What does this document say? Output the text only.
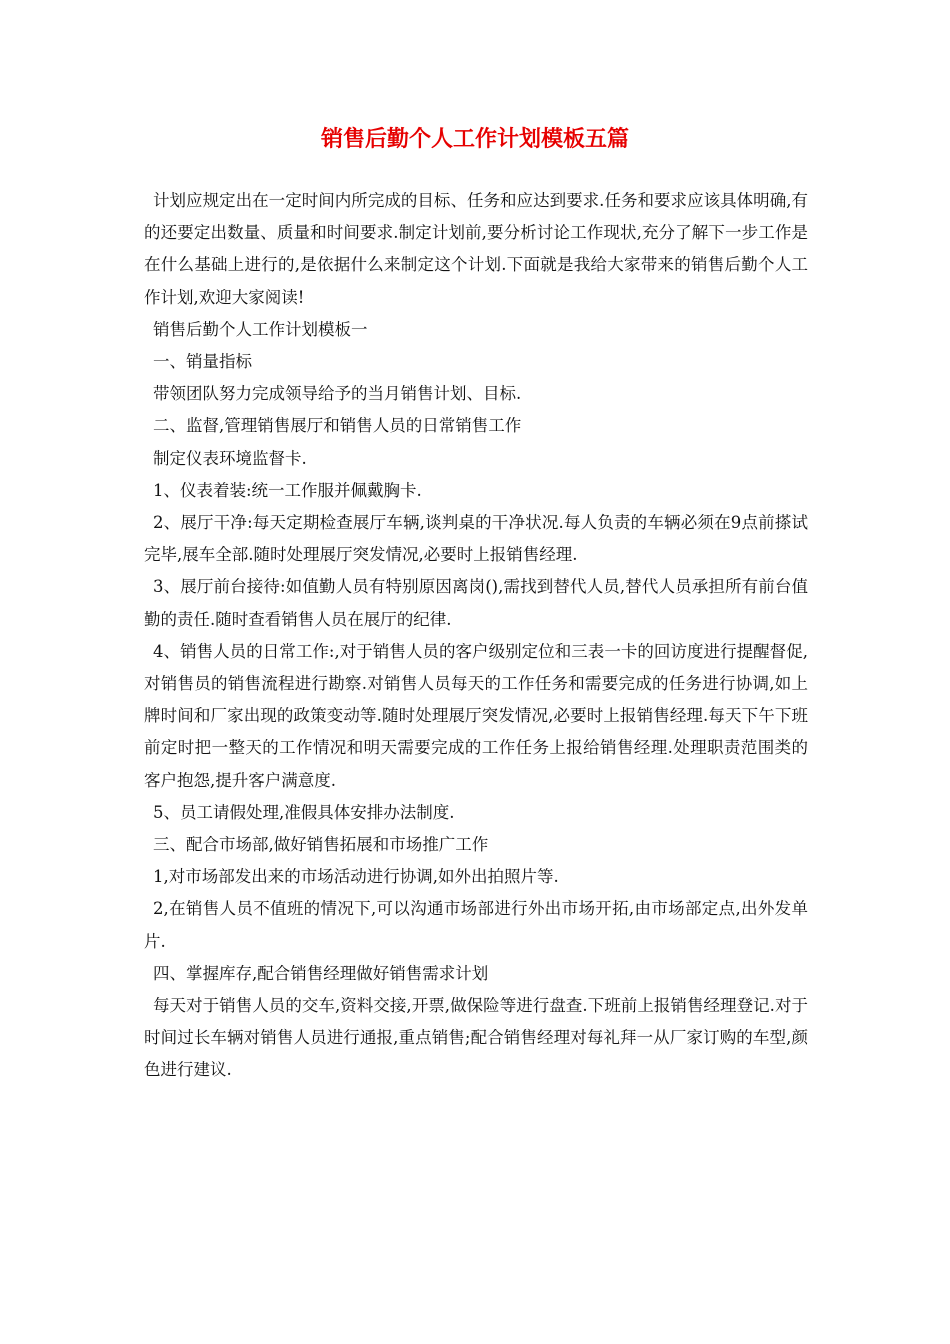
销售后勤个人工作计划模板五篇

计划应规定出在一定时间内所完成的目标、任务和应达到要求.任务和要求应该具体明确,有的还要定出数量、质量和时间要求.制定计划前,要分析讨论工作现状,充分了解下一步工作是在什么基础上进行的,是依据什么来制定这个计划.下面就是我给大家带来的销售后勤个人工作计划,欢迎大家阅读!

销售后勤个人工作计划模板一

一、销量指标

带领团队努力完成领导给予的当月销售计划、目标.

二、监督,管理销售展厅和销售人员的日常销售工作

制定仪表环境监督卡.

1、仪表着装:统一工作服并佩戴胸卡.

2、展厅干净:每天定期检查展厅车辆,谈判桌的干净状况.每人负责的车辆必须在9点前搽试完毕,展车全部.随时处理展厅突发情况,必要时上报销售经理.

3、展厅前台接待:如值勤人员有特别原因离岗(),需找到替代人员,替代人员承担所有前台值勤的责任.随时查看销售人员在展厅的纪律.

4、销售人员的日常工作:,对于销售人员的客户级别定位和三表一卡的回访度进行提醒督促,对销售员的销售流程进行勘察.对销售人员每天的工作任务和需要完成的任务进行协调,如上牌时间和厂家出现的政策变动等.随时处理展厅突发情况,必要时上报销售经理.每天下午下班前定时把一整天的工作情况和明天需要完成的工作任务上报给销售经理.处理职责范围类的客户抱怨,提升客户满意度.

5、员工请假处理,准假具体安排办法制度.

三、配合市场部,做好销售拓展和市场推广工作

1,对市场部发出来的市场活动进行协调,如外出拍照片等.

2,在销售人员不值班的情况下,可以沟通市场部进行外出市场开拓,由市场部定点,出外发单片.

四、掌握库存,配合销售经理做好销售需求计划

每天对于销售人员的交车,资料交接,开票,做保险等进行盘查.下班前上报销售经理登记.对于时间过长车辆对销售人员进行通报,重点销售;配合销售经理对每礼拜一从厂家订购的车型,颜色进行建议.
